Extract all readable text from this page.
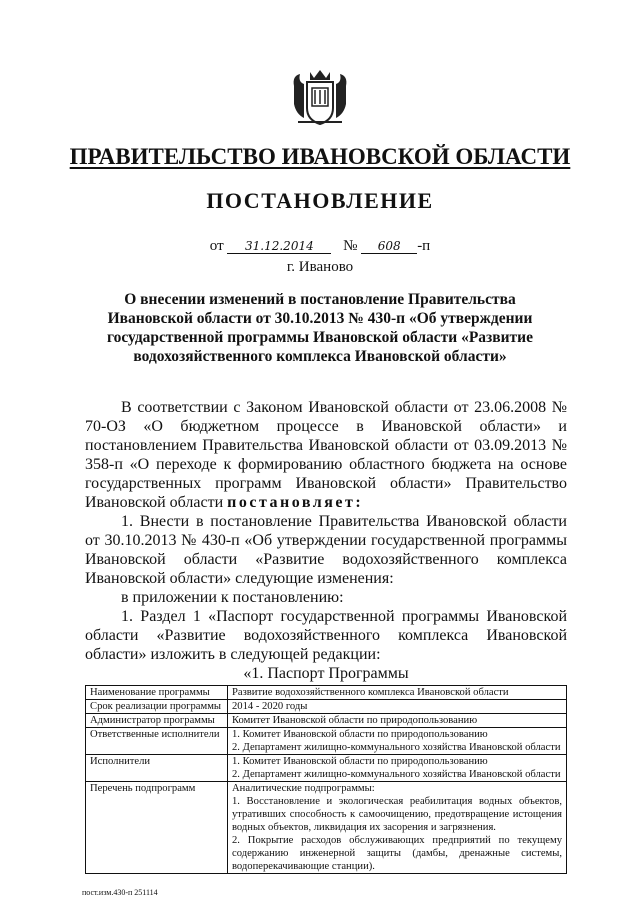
ПРАВИТЕЛЬСТВО ИВАНОВСКОЙ ОБЛАСТИ
ПОСТАНОВЛЕНИЕ
от 31.12.2014 № 608 -п
г. Иваново
О внесении изменений в постановление Правительства Ивановской области от 30.10.2013 № 430-п «Об утверждении государственной программы Ивановской области «Развитие водохозяйственного комплекса Ивановской области»

В соответствии с Законом Ивановской области от 23.06.2008 № 70-ОЗ «О бюджетном процессе в Ивановской области» и постановлением Правительства Ивановской области от 03.09.2013 № 358-п «О переходе к формированию областного бюджета на основе государственных программ Ивановской области» Правительство Ивановской области постановляет:

1. Внести в постановление Правительства Ивановской области от 30.10.2013 № 430-п «Об утверждении государственной программы Ивановской области «Развитие водохозяйственного комплекса Ивановской области» следующие изменения:

в приложении к постановлению:

1. Раздел 1 «Паспорт государственной программы Ивановской области «Развитие водохозяйственного комплекса Ивановской области» изложить в следующей редакции:

«1. Паспорт Программы

Наименование программы	Развитие водохозяйственного комплекса Ивановской области

Срок реализации программы	2014 - 2020 годы

Администратор программы	Комитет Ивановской области по природопользованию

Ответственные исполнители	1. Комитет Ивановской области по природопользованию
2. Департамент жилищно-коммунального хозяйства Ивановской области

Исполнители	1. Комитет Ивановской области по природопользованию
2. Департамент жилищно-коммунального хозяйства Ивановской области

Перечень подпрограмм	Аналитические подпрограммы:
1. Восстановление и экологическая реабилитация водных объектов, утративших способность к самоочищению, предотвращение истощения водных объектов, ликвидация их засорения и загрязнения.
2. Покрытие расходов обслуживающих предприятий по текущему содержанию инженерной защиты (дамбы, дренажные системы, водоперекачивающие станции).
пост.изм.430-п 251114
